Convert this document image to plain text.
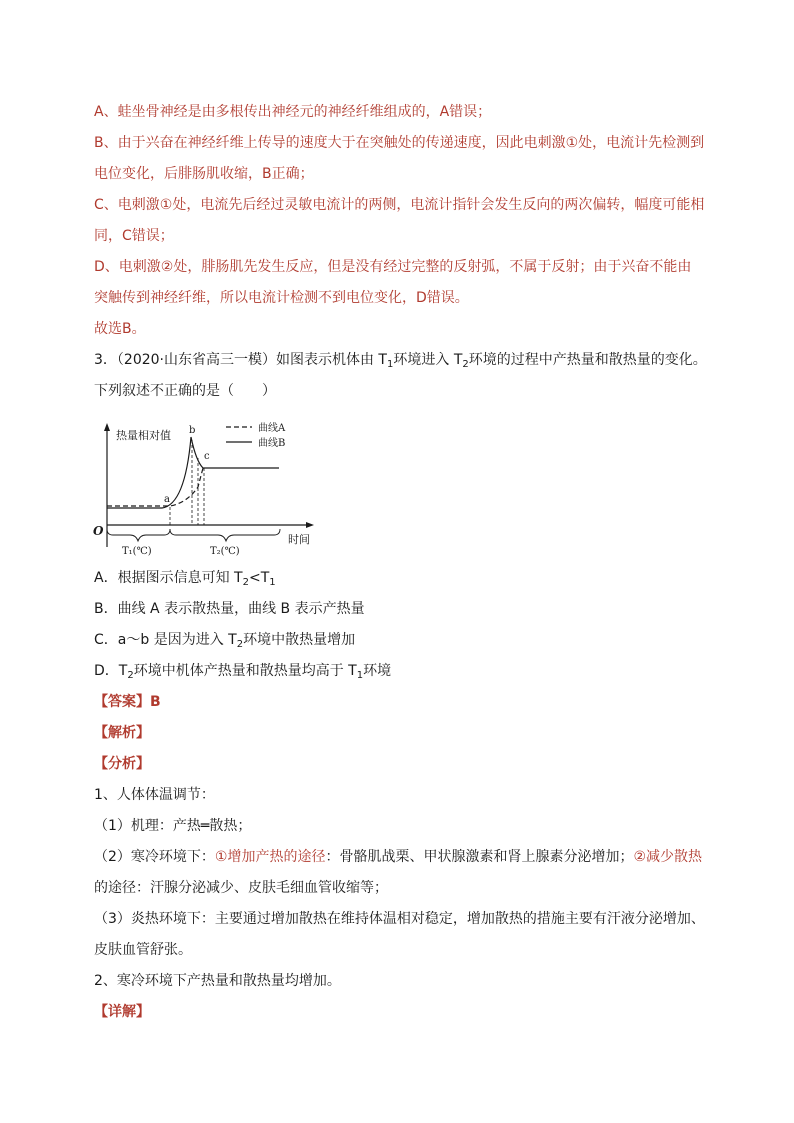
A、蛙坐骨神经是由多根传出神经元的神经纤维组成的，A错误；
B、由于兴奋在神经纤维上传导的速度大于在突触处的传递速度，因此电刺激①处，电流计先检测到
电位变化，后腓肠肌收缩，B正确；
C、电刺激①处，电流先后经过灵敏电流计的两侧，电流计指针会发生反向的两次偏转，幅度可能相
同，C错误；
D、电刺激②处，腓肠肌先发生反应，但是没有经过完整的反射弧，不属于反射；由于兴奋不能由
突触传到神经纤维，所以电流计检测不到电位变化，D错误。
故选B。
3．（2020·山东省高三一模）如图表示机体由 $T_1$环境进入 $T_2$环境的过程中产热量和散热量的变化。
下列叙述不正确的是（　　）
热量相对值
时间
O
曲线A
曲线B
a
b
c
T₁(℃)	T₂(℃)
A．根据图示信息可知 $T_2<T_1$
B．曲线 A 表示散热量，曲线 B 表示产热量
C．a～b 是因为进入 $T_2$环境中散热量增加
D．$T_2$环境中机体产热量和散热量均高于 $T_1$环境
【答案】B
【解析】
【分析】
1、人体体温调节：
（1）机理：产热═散热；
（2）寒冷环境下：①增加产热的途径：骨骼肌战栗、甲状腺激素和肾上腺素分泌增加；②减少散热
的途径：汗腺分泌减少、皮肤毛细血管收缩等；
（3）炎热环境下：主要通过增加散热在维持体温相对稳定，增加散热的措施主要有汗液分泌增加、
皮肤血管舒张。
2、寒冷环境下产热量和散热量均增加。
【详解】
